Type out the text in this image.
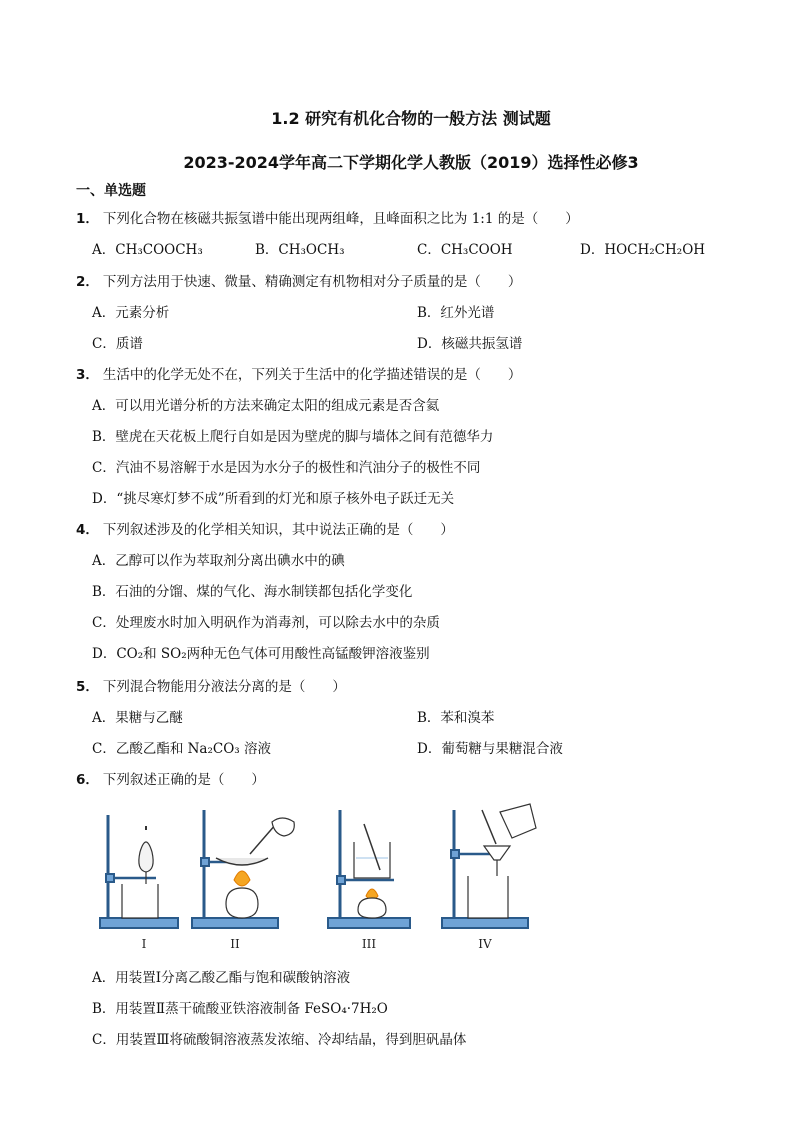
1.2 研究有机化合物的一般方法 测试题
2023-2024学年高二下学期化学人教版（2019）选择性必修3
一、单选题
1． 下列化合物在核磁共振氢谱中能出现两组峰，且峰面积之比为 1:1 的是（　　）
A．CH₃COOCH₃	B．CH₃OCH₃	C．CH₃COOH	D．HOCH₂CH₂OH
2． 下列方法用于快速、微量、精确测定有机物相对分子质量的是（　　）
A．元素分析	B．红外光谱
C．质谱	D．核磁共振氢谱
3． 生活中的化学无处不在，下列关于生活中的化学描述错误的是（　　）
A．可以用光谱分析的方法来确定太阳的组成元素是否含氦
B．壁虎在天花板上爬行自如是因为壁虎的脚与墙体之间有范德华力
C．汽油不易溶解于水是因为水分子的极性和汽油分子的极性不同
D．“挑尽寒灯梦不成”所看到的灯光和原子核外电子跃迁无关
4． 下列叙述涉及的化学相关知识，其中说法正确的是（　　）
A．乙醇可以作为萃取剂分离出碘水中的碘
B．石油的分馏、煤的气化、海水制镁都包括化学变化
C．处理废水时加入明矾作为消毒剂，可以除去水中的杂质
D．CO₂和 SO₂两种无色气体可用酸性高锰酸钾溶液鉴别
5． 下列混合物能用分液法分离的是（　　）
A．果糖与乙醚	B．苯和溴苯
C．乙酸乙酯和 Na₂CO₃ 溶液	D．葡萄糖与果糖混合液
6． 下列叙述正确的是（　　）
I	II	III	IV
A．用装置Ⅰ分离乙酸乙酯与饱和碳酸钠溶液
B．用装置Ⅱ蒸干硫酸亚铁溶液制备 FeSO₄·7H₂O
C．用装置Ⅲ将硫酸铜溶液蒸发浓缩、冷却结晶，得到胆矾晶体
